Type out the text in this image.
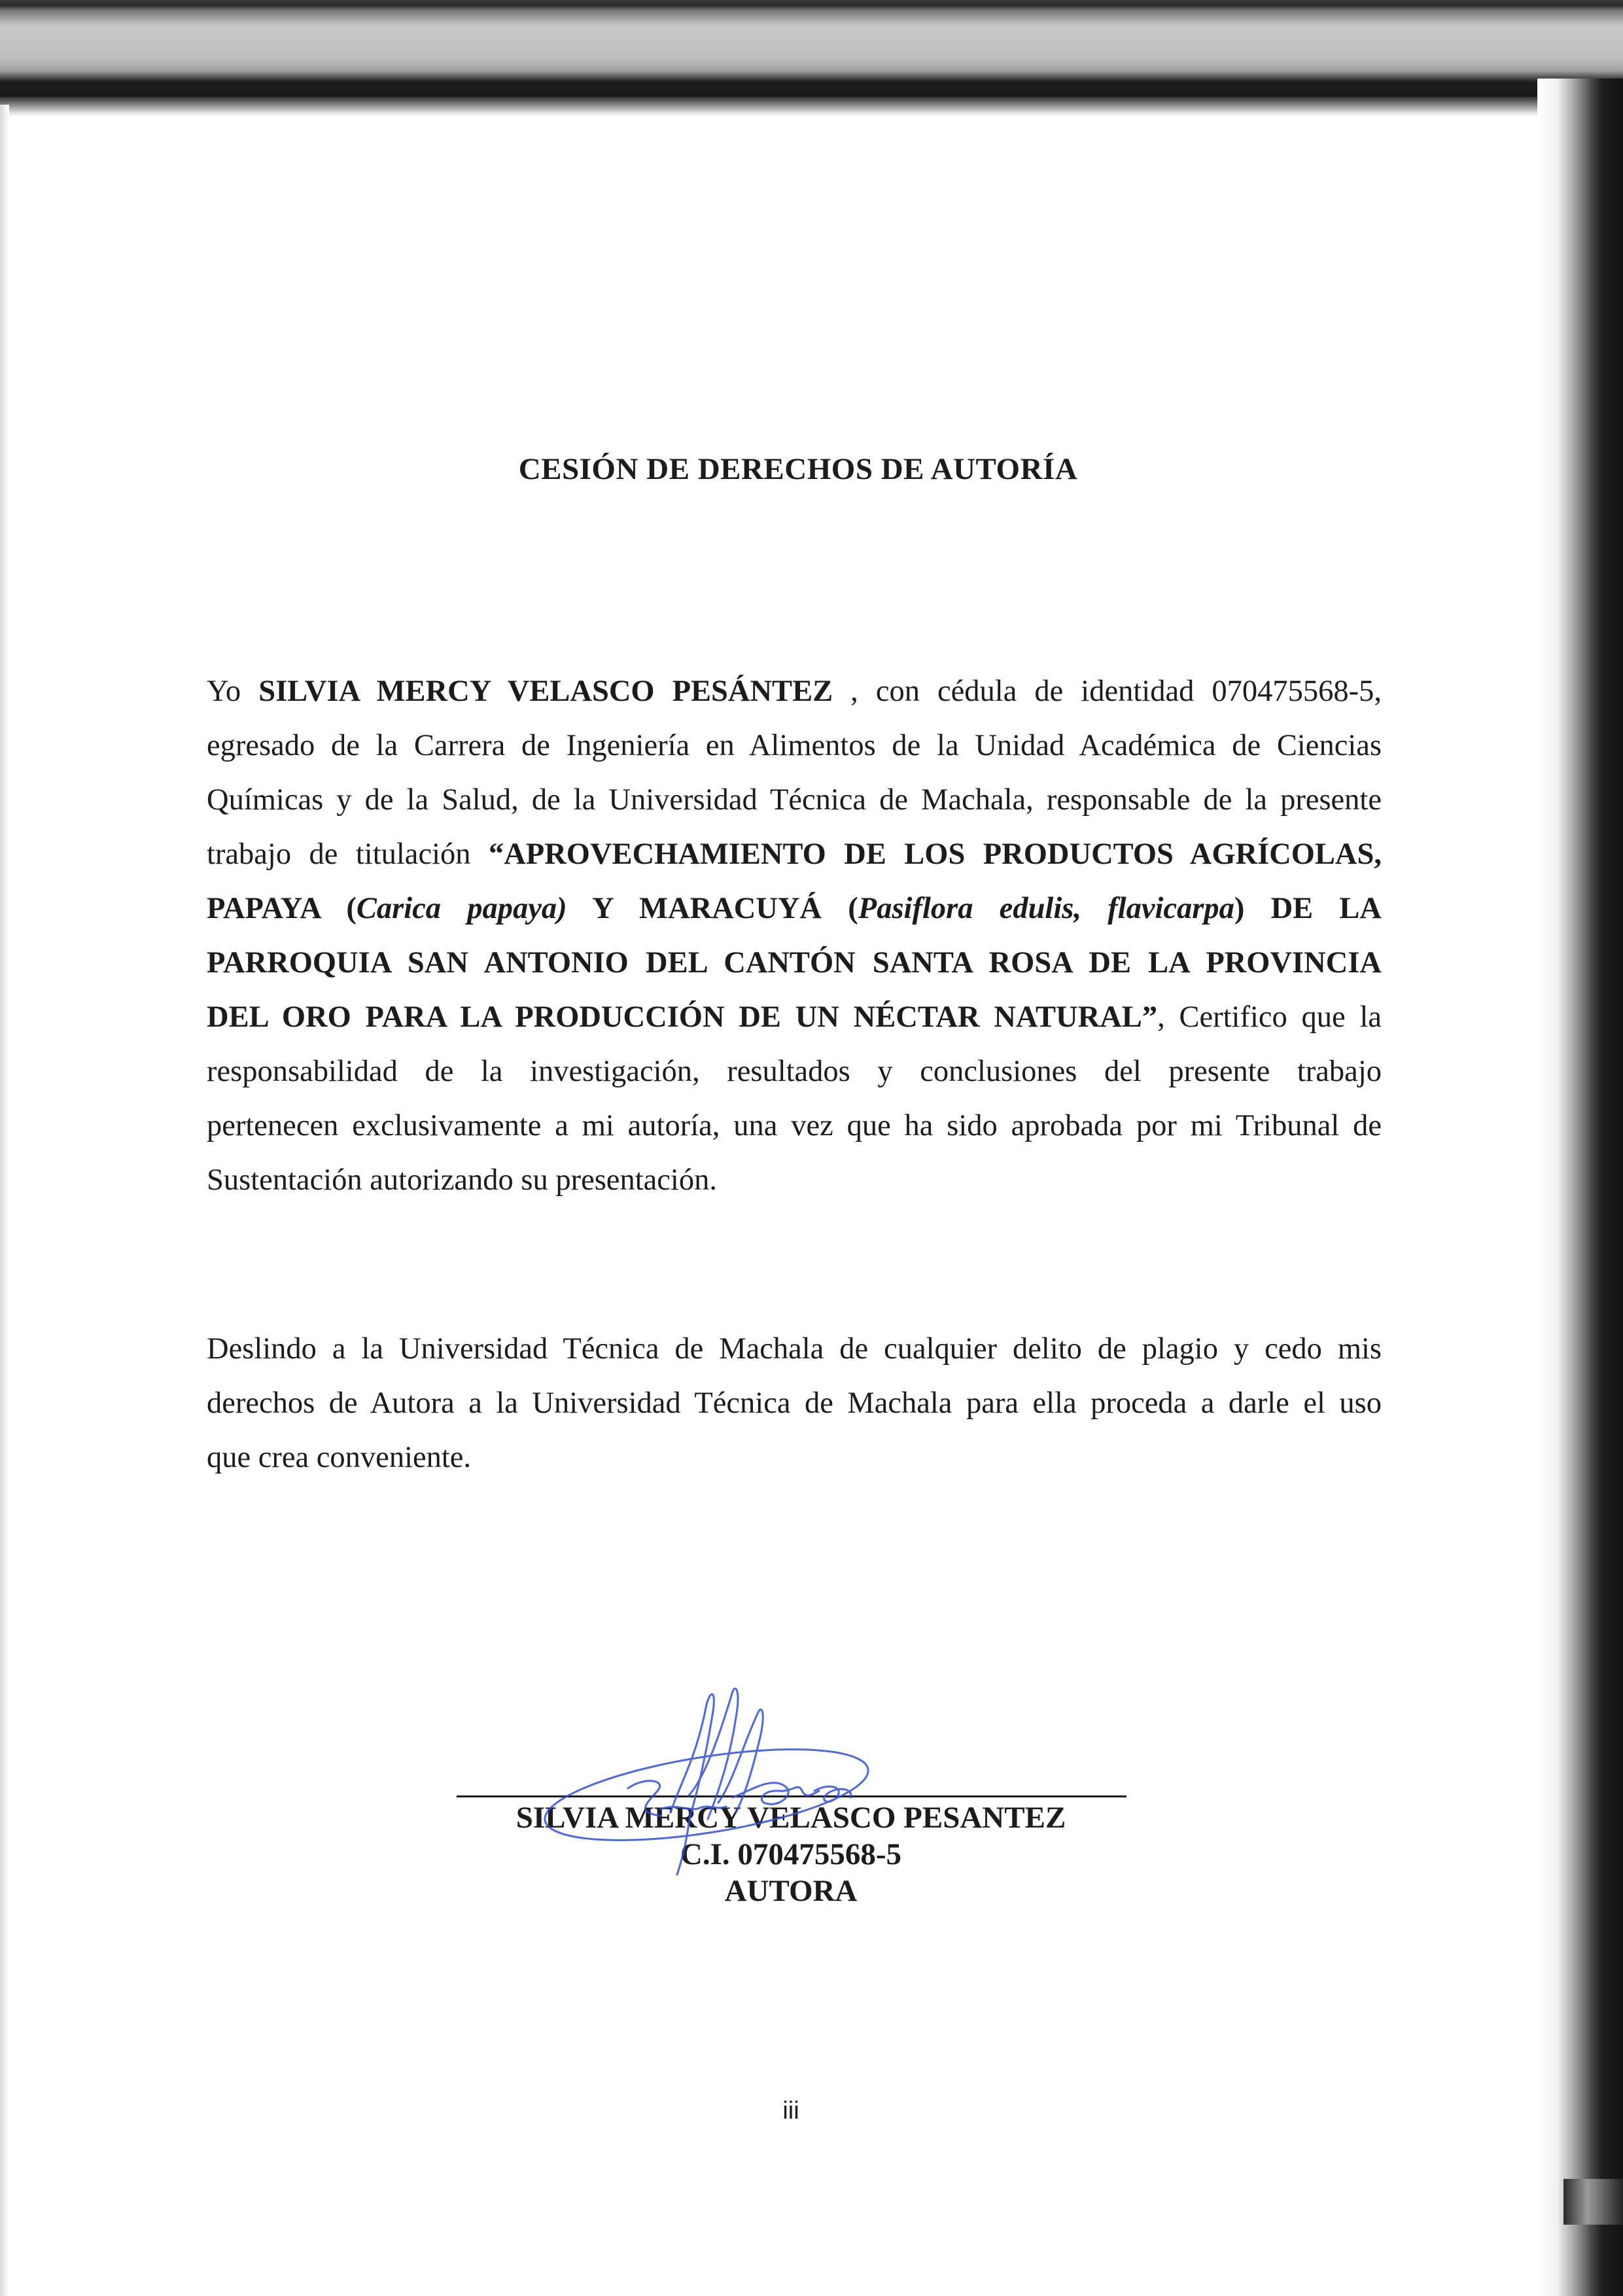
CESIÓN DE DERECHOS DE AUTORÍA
Yo SILVIA MERCY VELASCO PESÁNTEZ , con cédula de identidad 070475568-5,
egresado de la Carrera de Ingeniería en Alimentos de la Unidad Académica de Ciencias
Químicas y de la Salud, de la Universidad Técnica de Machala, responsable de la presente
trabajo de titulación “APROVECHAMIENTO DE LOS PRODUCTOS AGRÍCOLAS,
PAPAYA (Carica papaya) Y MARACUYÁ (Pasiflora edulis, flavicarpa) DE LA
PARROQUIA SAN ANTONIO DEL CANTÓN SANTA ROSA DE LA PROVINCIA
DEL ORO PARA LA PRODUCCIÓN DE UN NÉCTAR NATURAL”, Certifico que la
responsabilidad de la investigación, resultados y conclusiones del presente trabajo
pertenecen exclusivamente a mi autoría, una vez que ha sido aprobada por mi Tribunal de
Sustentación autorizando su presentación.
Deslindo a la Universidad Técnica de Machala de cualquier delito de plagio y cedo mis
derechos de Autora a la Universidad Técnica de Machala para ella proceda a darle el uso
que crea conveniente.
SILVIA MERCY VELASCO PESANTEZ
C.I. 070475568-5
AUTORA
iii
